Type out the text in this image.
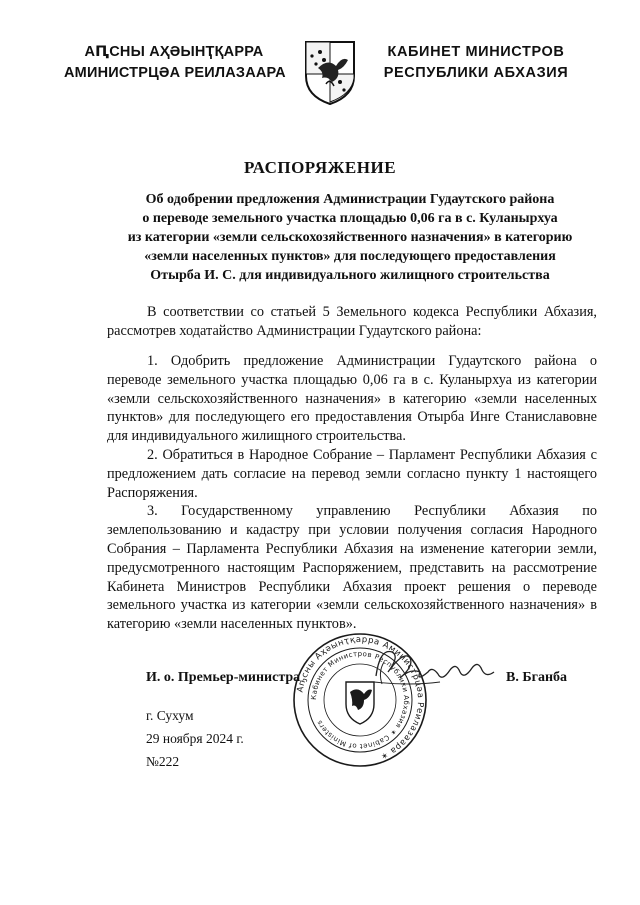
АԤСНЫ АҲӘЫНҬҚАРРА
АМИНИСТРЦӘА РЕИЛАЗААРА
КАБИНЕТ МИНИСТРОВ
РЕСПУБЛИКИ АБХАЗИЯ
РАСПОРЯЖЕНИЕ
Об одобрении предложения Администрации Гудаутского района
о переводе земельного участка площадью 0,06 га в с. Куланырхуа
из категории «земли сельскохозяйственного назначения» в категорию
«земли населенных пунктов» для последующего предоставления
Отырба И. С. для индивидуального жилищного строительства

В соответствии со статьей 5 Земельного кодекса Республики Абхазия, рассмотрев ходатайство Администрации Гудаутского района:

1. Одобрить предложение Администрации Гудаутского района о переводе земельного участка площадью 0,06 га в с. Куланырхуа из категории «земли сельскохозяйственного назначения» в категорию «земли населенных пунктов» для последующего его предоставления Отырба Инге Станиславовне для индивидуального жилищного строительства.

2. Обратиться в Народное Собрание – Парламент Республики Абхазия с предложением дать согласие на перевод земли согласно пункту 1 настоящего Распоряжения.

3. Государственному управлению Республики Абхазия по землепользованию и кадастру при условии получения согласия Народного Собрания – Парламента Республики Абхазия на изменение категории земли, предусмотренного настоящим Распоряжением, представить на рассмотрение Кабинета Министров Республики Абхазия проект решения о переводе земельного участка из категории «земли сельскохозяйственного назначения» в категорию «земли населенных пунктов».

Аҧсны Аҳәынҭқарра Аминистрцәа Реилазаара ✶
Кабинет Министров Республики Абхазия ✶ Cabinet of Ministers
И. о. Премьер-министра	В. Бганба
г. Сухум
29 ноября 2024 г.
№222
